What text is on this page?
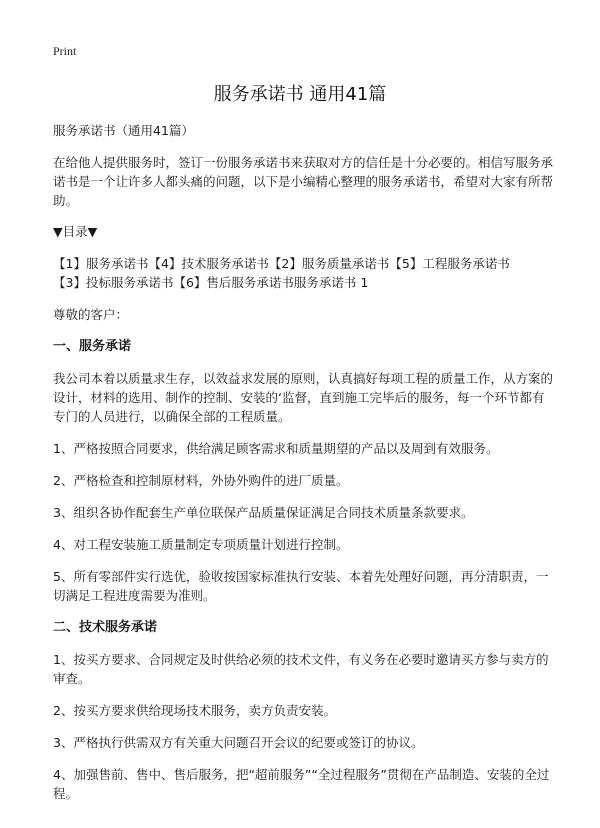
Print
服务承诺书 通用41篇

服务承诺书（通用41篇）

在给他人提供服务时，签订一份服务承诺书来获取对方的信任是十分必要的。相信写服务承诺书是一个让许多人都头痛的问题，以下是小编精心整理的服务承诺书，希望对大家有所帮助。

▼目录▼

【1】服务承诺书【4】技术服务承诺书【2】服务质量承诺书【5】工程服务承诺书
【3】投标服务承诺书【6】售后服务承诺书服务承诺书 1

尊敬的客户：

一、服务承诺

我公司本着以质量求生存，以效益求发展的原则，认真搞好每项工程的质量工作，从方案的设计，材料的选用、制作的控制、安装的‘监督，直到施工完毕后的服务，每一个环节都有专门的人员进行，以确保全部的工程质量。

1、严格按照合同要求，供给满足顾客需求和质量期望的产品以及周到有效服务。

2、严格检查和控制原材料，外协外购件的进厂质量。

3、组织各协作配套生产单位联保产品质量保证满足合同技术质量条款要求。

4、对工程安装施工质量制定专项质量计划进行控制。

5、所有零部件实行选优，验收按国家标准执行安装、本着先处理好问题，再分清职责，一切满足工程进度需要为准则。

二、技术服务承诺

1、按买方要求、合同规定及时供给必须的技术文件，有义务在必要时邀请买方参与卖方的审查。

2、按买方要求供给现场技术服务，卖方负责安装。

3、严格执行供需双方有关重大问题召开会议的纪要或签订的协议。

4、加强售前、售中、售后服务，把“超前服务”“全过程服务”贯彻在产品制造、安装的全过程。
